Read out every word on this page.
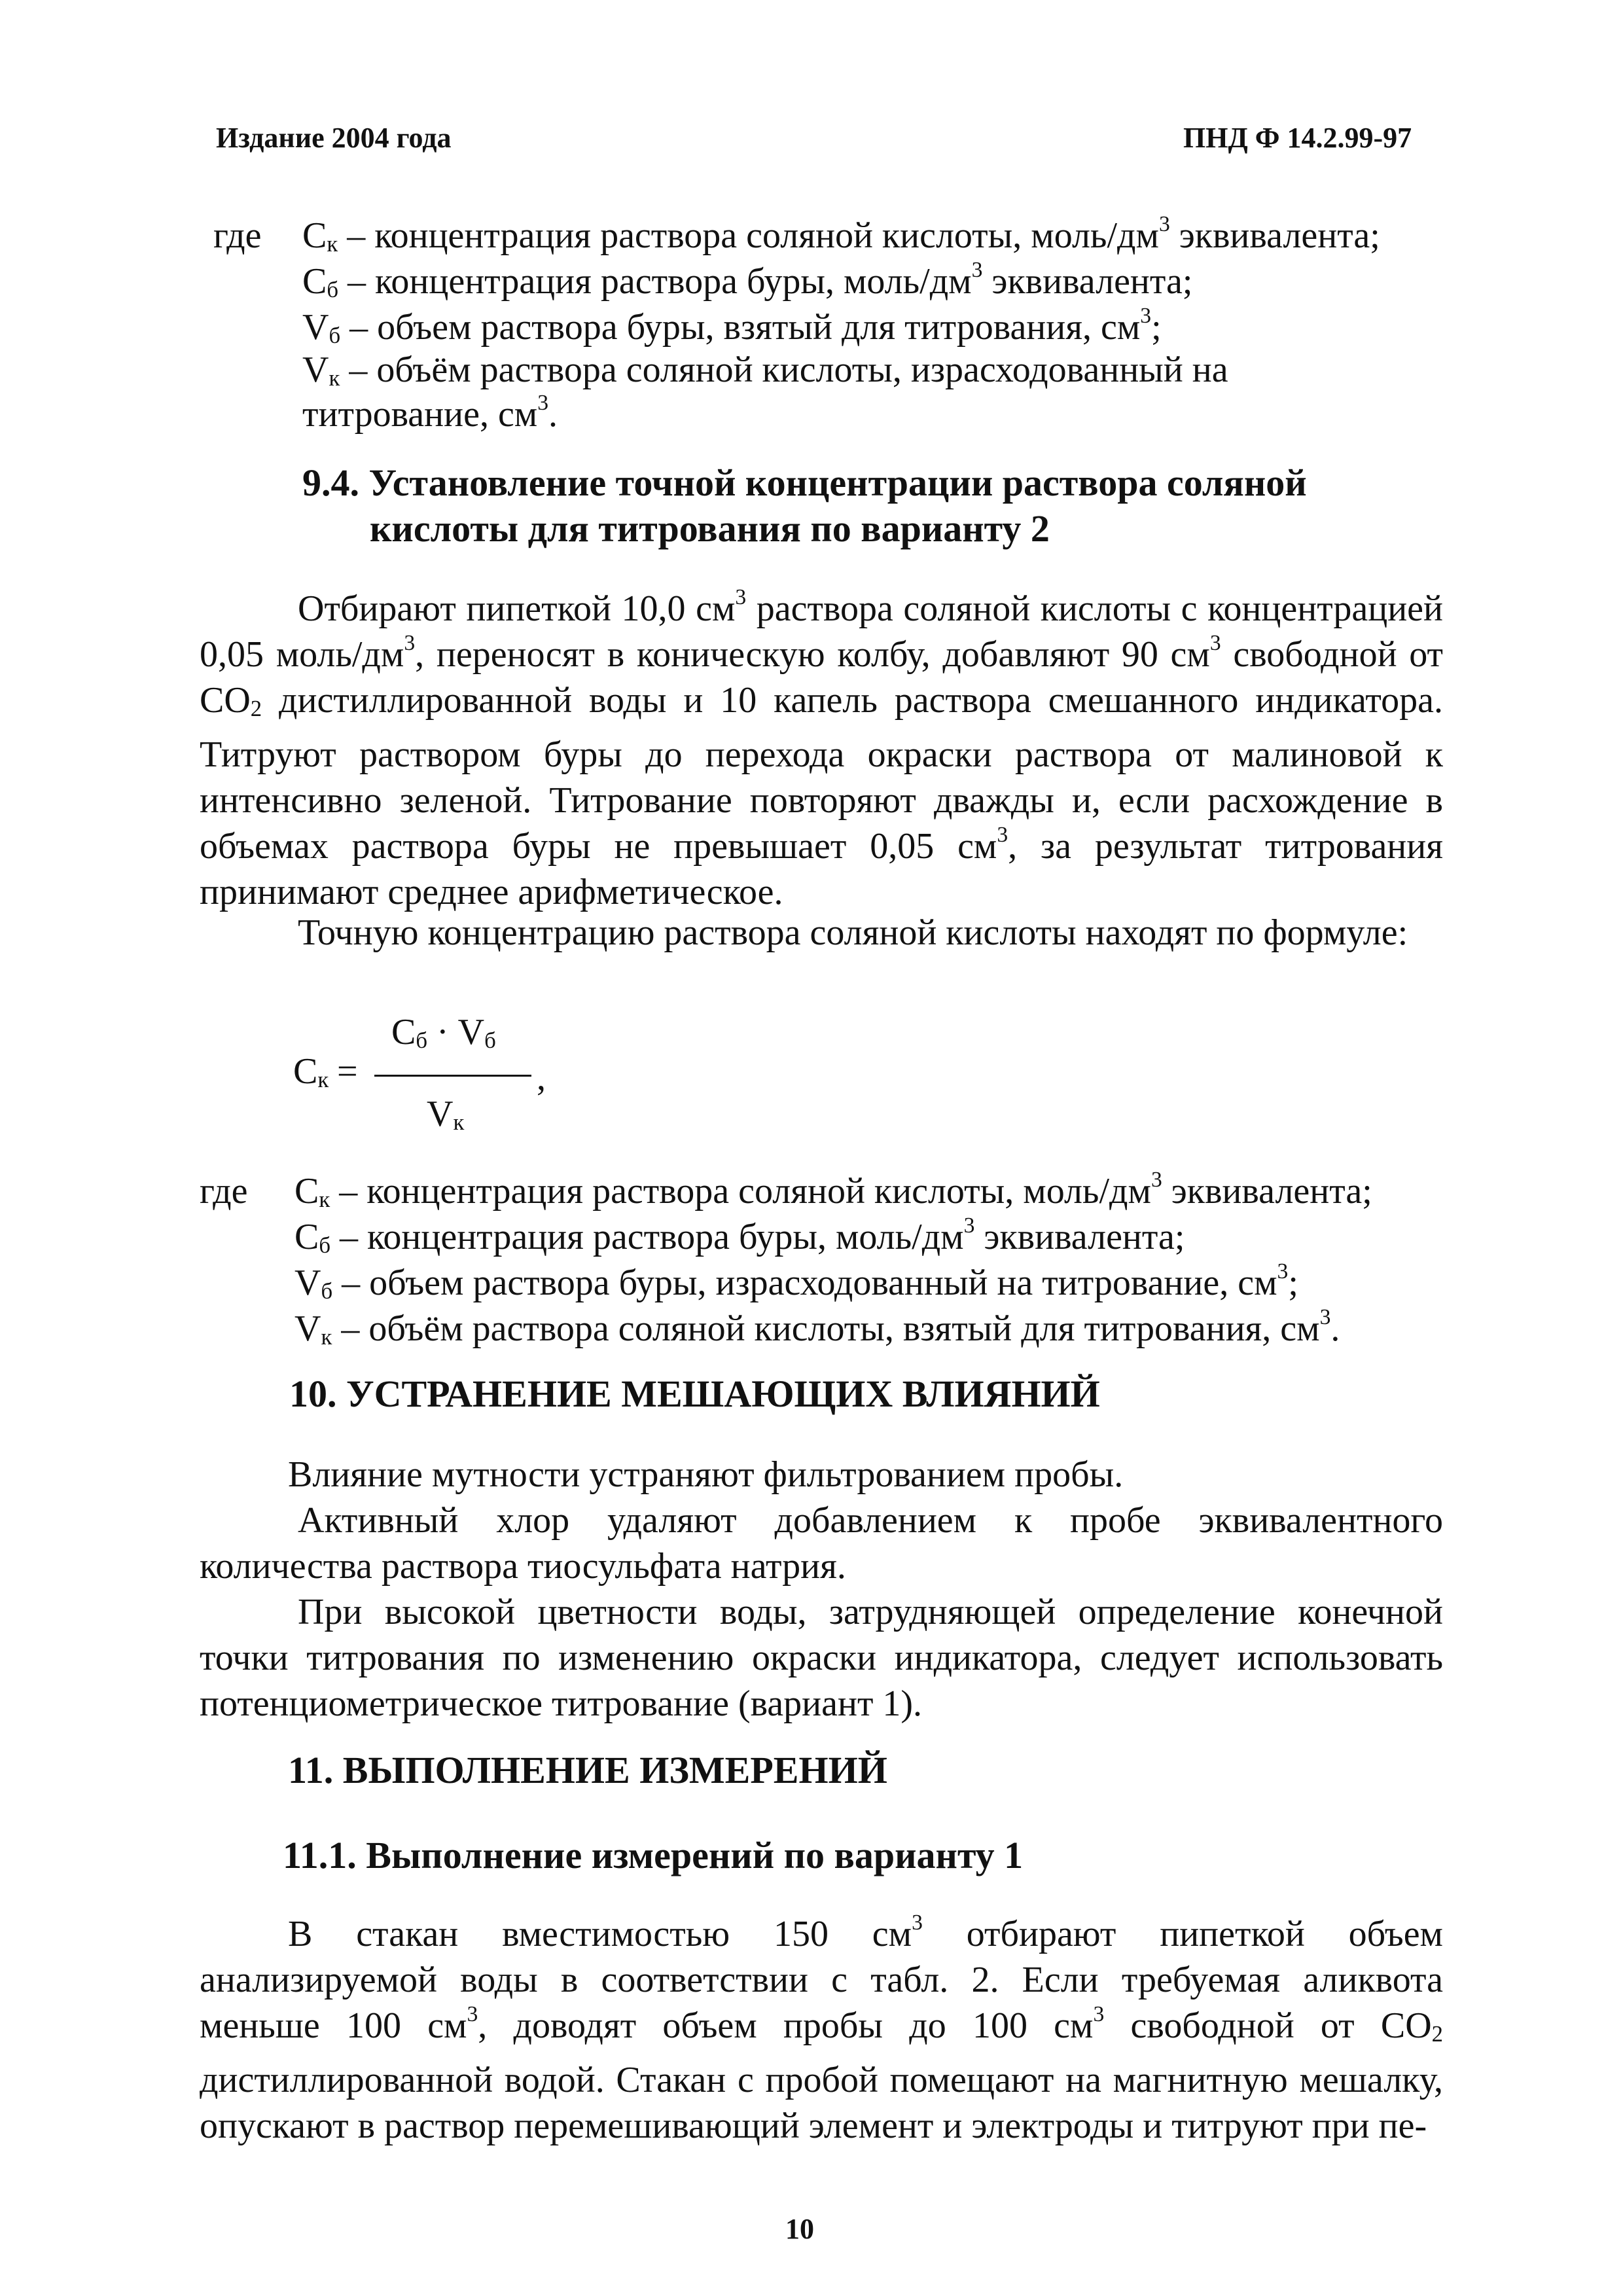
Издание 2004 года	ПНД Ф 14.2.99-97
где Ск – концентрация раствора соляной кислоты, моль/$дм^3$ эквивалента;
Сб – концентрация раствора буры, моль/$дм^3$ эквивалента;
Vб – объем раствора буры, взятый для титрования, $см^3$;
Vк – объём раствора соляной кислоты, израсходованный на
титрование, $см^3$.
9.4. Установление точной концентрации раствора соляной
кислоты для титрования по варианту 2
Отбирают пипеткой 10,0 $см^3$ раствора соляной кислоты с концентрацией 0,05 моль/$дм^3$, переносят в коническую колбу, добавляют 90 $см^3$ свободной от СО2 дистиллированной воды и 10 капель раствора смешанного индикатора. Титруют раствором буры до перехода окраски раствора от малиновой к интенсивно зеленой. Титрование повторяют дважды и, если расхождение в объемах раствора буры не превышает 0,05 $см^3$, за результат титрования принимают среднее арифметическое.
Точную концентрацию раствора соляной кислоты находят по формуле:
Ск =
Сб · Vб
Vк
,
где Ск – концентрация раствора соляной кислоты, моль/$дм^3$ эквивалента;
Сб – концентрация раствора буры, моль/$дм^3$ эквивалента;
Vб – объем раствора буры, израсходованный на титрование, $см^3$;
Vк – объём раствора соляной кислоты, взятый для титрования, $см^3$.
10. УСТРАНЕНИЕ МЕШАЮЩИХ ВЛИЯНИЙ
Влияние мутности устраняют фильтрованием пробы.
Активный хлор удаляют добавлением к пробе эквивалентного количества раствора тиосульфата натрия.
При высокой цветности воды, затрудняющей определение конечной точки титрования по изменению окраски индикатора, следует использовать потенциометрическое титрование (вариант 1).
11. ВЫПОЛНЕНИЕ ИЗМЕРЕНИЙ
11.1. Выполнение измерений по варианту 1
В стакан вместимостью 150 $см^3$ отбирают пипеткой объем анализируемой воды в соответствии с табл. 2. Если требуемая аликвота меньше 100 $см^3$, доводят объем пробы до 100 $см^3$ свободной от СО2 дистиллированной водой. Стакан с пробой помещают на магнитную мешалку, опускают в раствор перемешивающий элемент и электроды и титруют при пе-
10
